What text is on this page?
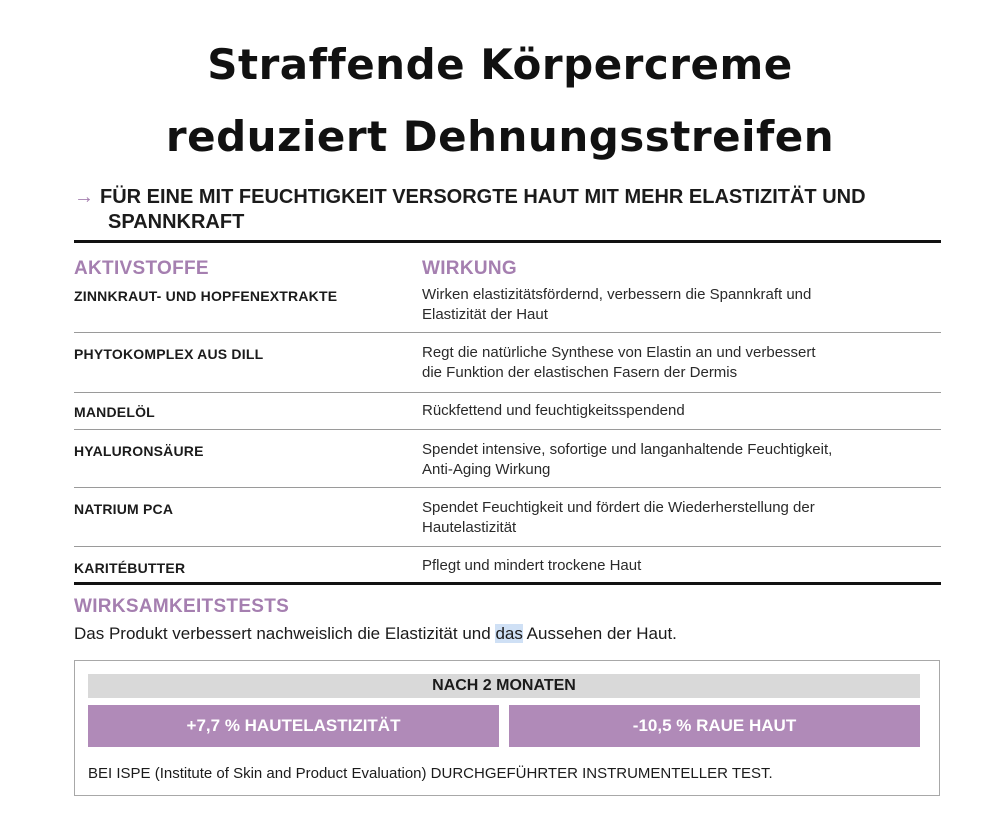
Straffende Körpercreme
reduziert Dehnungsstreifen
→ FÜR EINE MIT FEUCHTIGKEIT VERSORGTE HAUT MIT MEHR ELASTIZITÄT UND
SPANNKRAFT
AKTIVSTOFFE	WIRKUNG
ZINNKRAUT- UND HOPFENEXTRAKTE	Wirken elastizitätsfördernd, verbessern die Spannkraft und
Elastizität der Haut
PHYTOKOMPLEX AUS DILL	Regt die natürliche Synthese von Elastin an und verbessert
die Funktion der elastischen Fasern der Dermis
MANDELÖL	Rückfettend und feuchtigkeitsspendend
HYALURONSÄURE	Spendet intensive, sofortige und langanhaltende Feuchtigkeit,
Anti-Aging Wirkung
NATRIUM PCA	Spendet Feuchtigkeit und fördert die Wiederherstellung der
Hautelastizität
KARITÉBUTTER	Pflegt und mindert trockene Haut
WIRKSAMKEITSTESTS
Das Produkt verbessert nachweislich die Elastizität und das Aussehen der Haut.
NACH 2 MONATEN
+7,7 % HAUTELASTIZITÄT	-10,5 % RAUE HAUT
BEI ISPE (Institute of Skin and Product Evaluation) DURCHGEFÜHRTER INSTRUMENTELLER TEST.
